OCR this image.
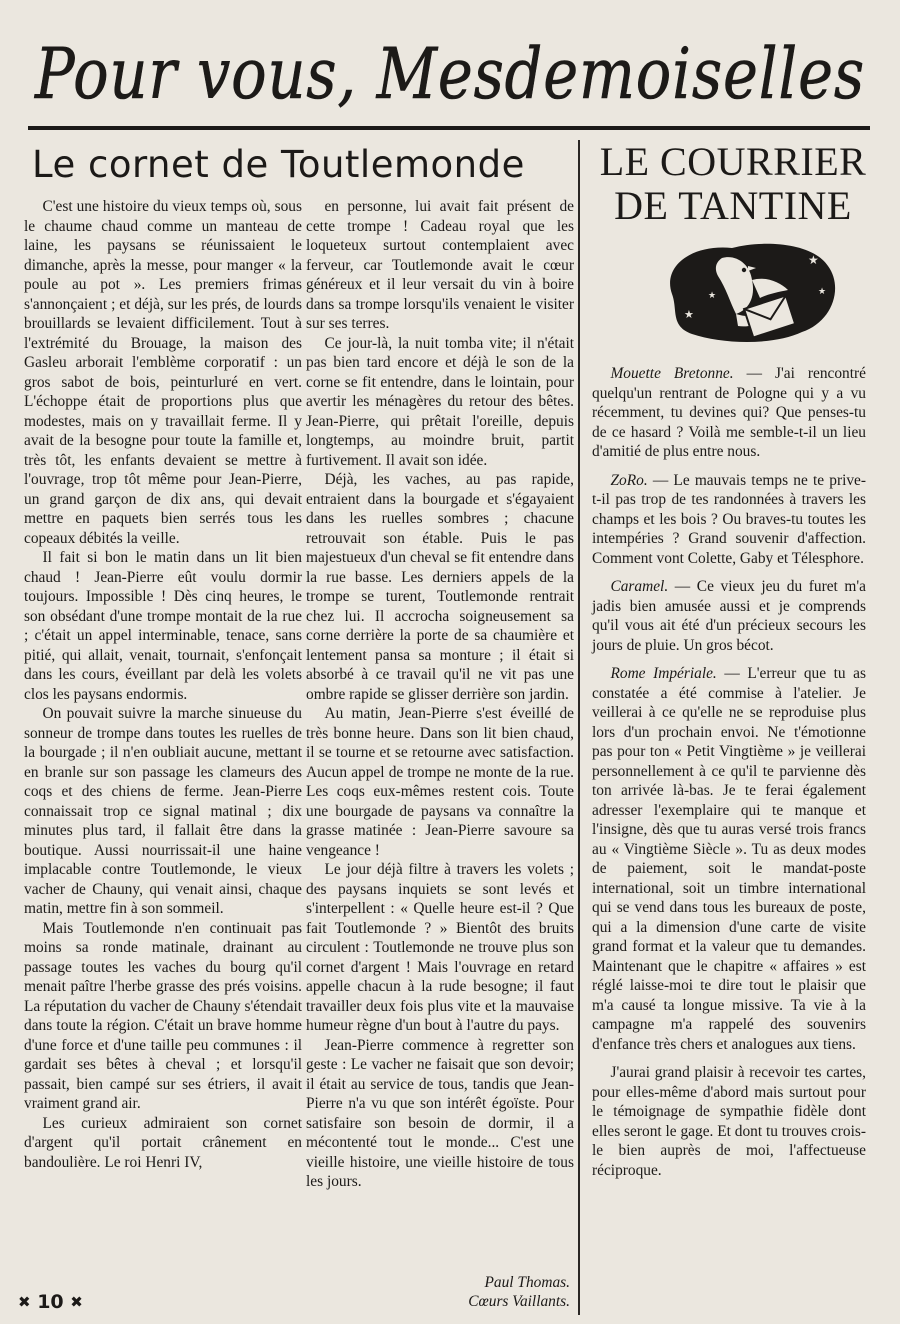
Pour vous, Mesdemoiselles
Le cornet de Toutlemonde

C'est une histoire du vieux temps où, sous le chaume chaud comme un manteau de laine, les paysans se réunissaient le dimanche, après la messe, pour manger « la poule au pot ». Les premiers frimas s'annonçaient ; et déjà, sur les prés, de lourds brouillards se levaient difficilement. Tout à l'extrémité du Brouage, la maison des Gasleu arborait l'emblème corporatif : un gros sabot de bois, peinturluré en vert. L'échoppe était de proportions plus que modestes, mais on y travaillait ferme. Il y avait de la besogne pour toute la famille et, très tôt, les enfants devaient se mettre à l'ouvrage, trop tôt même pour Jean-Pierre, un grand garçon de dix ans, qui devait mettre en paquets bien serrés tous les copeaux débités la veille.

Il fait si bon le matin dans un lit bien chaud ! Jean-Pierre eût voulu dormir toujours. Impossible ! Dès cinq heures, le son obsédant d'une trompe montait de la rue ; c'était un appel interminable, tenace, sans pitié, qui allait, venait, tournait, s'enfonçait dans les cours, éveillant par delà les volets clos les paysans endormis.

On pouvait suivre la marche sinueuse du sonneur de trompe dans toutes les ruelles de la bourgade ; il n'en oubliait aucune, mettant en branle sur son passage les clameurs des coqs et des chiens de ferme. Jean-Pierre connaissait trop ce signal matinal ; dix minutes plus tard, il fallait être dans la boutique. Aussi nourrissait-il une haine implacable contre Toutlemonde, le vieux vacher de Chauny, qui venait ainsi, chaque matin, mettre fin à son sommeil.

Mais Toutlemonde n'en continuait pas moins sa ronde matinale, drainant au passage toutes les vaches du bourg qu'il menait paître l'herbe grasse des prés voisins. La réputation du vacher de Chauny s'étendait dans toute la région. C'était un brave homme d'une force et d'une taille peu communes : il gardait ses bêtes à cheval ; et lorsqu'il passait, bien campé sur ses étriers, il avait vraiment grand air.

Les curieux admiraient son cornet d'argent qu'il portait crânement en bandoulière. Le roi Henri IV,

en personne, lui avait fait présent de cette trompe ! Cadeau royal que les loqueteux surtout contemplaient avec ferveur, car Toutlemonde avait le cœur généreux et il leur versait du vin à boire dans sa trompe lorsqu'ils venaient le visiter sur ses terres.

Ce jour-là, la nuit tomba vite; il n'était pas bien tard encore et déjà le son de la corne se fit entendre, dans le lointain, pour avertir les ménagères du retour des bêtes. Jean-Pierre, qui prêtait l'oreille, depuis longtemps, au moindre bruit, partit furtivement. Il avait son idée.

Déjà, les vaches, au pas rapide, entraient dans la bourgade et s'égayaient dans les ruelles sombres ; chacune retrouvait son étable. Puis le pas majestueux d'un cheval se fit entendre dans la rue basse. Les derniers appels de la trompe se turent, Toutlemonde rentrait chez lui. Il accrocha soigneusement sa corne derrière la porte de sa chaumière et lentement pansa sa monture ; il était si absorbé à ce travail qu'il ne vit pas une ombre rapide se glisser derrière son jardin.

Au matin, Jean-Pierre s'est éveillé de très bonne heure. Dans son lit bien chaud, il se tourne et se retourne avec satisfaction. Aucun appel de trompe ne monte de la rue. Les coqs eux-mêmes restent cois. Toute une bourgade de paysans va connaître la grasse matinée : Jean-Pierre savoure sa vengeance !

Le jour déjà filtre à travers les volets ; des paysans inquiets se sont levés et s'interpellent : « Quelle heure est-il ? Que fait Toutlemonde ? » Bientôt des bruits circulent : Toutlemonde ne trouve plus son cornet d'argent ! Mais l'ouvrage en retard appelle chacun à la rude besogne; il faut travailler deux fois plus vite et la mauvaise humeur règne d'un bout à l'autre du pays.

Jean-Pierre commence à regretter son geste : Le vacher ne faisait que son devoir; il était au service de tous, tandis que Jean-Pierre n'a vu que son intérêt égoïste. Pour satisfaire son besoin de dormir, il a mécontenté tout le monde... C'est une vieille histoire, une vieille histoire de tous les jours.

Paul Thomas.
Cœurs Vaillants.
LE COURRIER
DE TANTINE
★
★
★	★

Mouette Bretonne. — J'ai rencontré quelqu'un rentrant de Pologne qui y a vu récemment, tu devines qui? Que penses-tu de ce hasard ? Voilà me semble-t-il un lieu d'amitié de plus entre nous.

ZoRo. — Le mauvais temps ne te prive-t-il pas trop de tes randonnées à travers les champs et les bois ? Ou braves-tu toutes les intempéries ? Grand souvenir d'affection. Comment vont Colette, Gaby et Télesphore.

Caramel. — Ce vieux jeu du furet m'a jadis bien amusée aussi et je comprends qu'il vous ait été d'un précieux secours les jours de pluie. Un gros bécot.

Rome Impériale. — L'erreur que tu as constatée a été commise à l'atelier. Je veillerai à ce qu'elle ne se reproduise plus lors d'un prochain envoi. Ne t'émotionne pas pour ton « Petit Vingtième » je veillerai personnellement à ce qu'il te parvienne dès ton arrivée là-bas. Je te ferai également adresser l'exemplaire qui te manque et l'insigne, dès que tu auras versé trois francs au « Vingtième Siècle ». Tu as deux modes de paiement, soit le mandat-poste international, soit un timbre international qui se vend dans tous les bureaux de poste, qui a la dimension d'une carte de visite grand format et la valeur que tu demandes. Maintenant que le chapitre « affaires » est réglé laisse-moi te dire tout le plaisir que m'a causé ta longue missive. Ta vie à la campagne m'a rappelé des souvenirs d'enfance très chers et analogues aux tiens.

J'aurai grand plaisir à recevoir tes cartes, pour elles-même d'abord mais surtout pour le témoignage de sympathie fidèle dont elles seront le gage. Et dont tu trouves crois-le bien auprès de moi, l'affectueuse réciproque.

✖ 10 ✖
